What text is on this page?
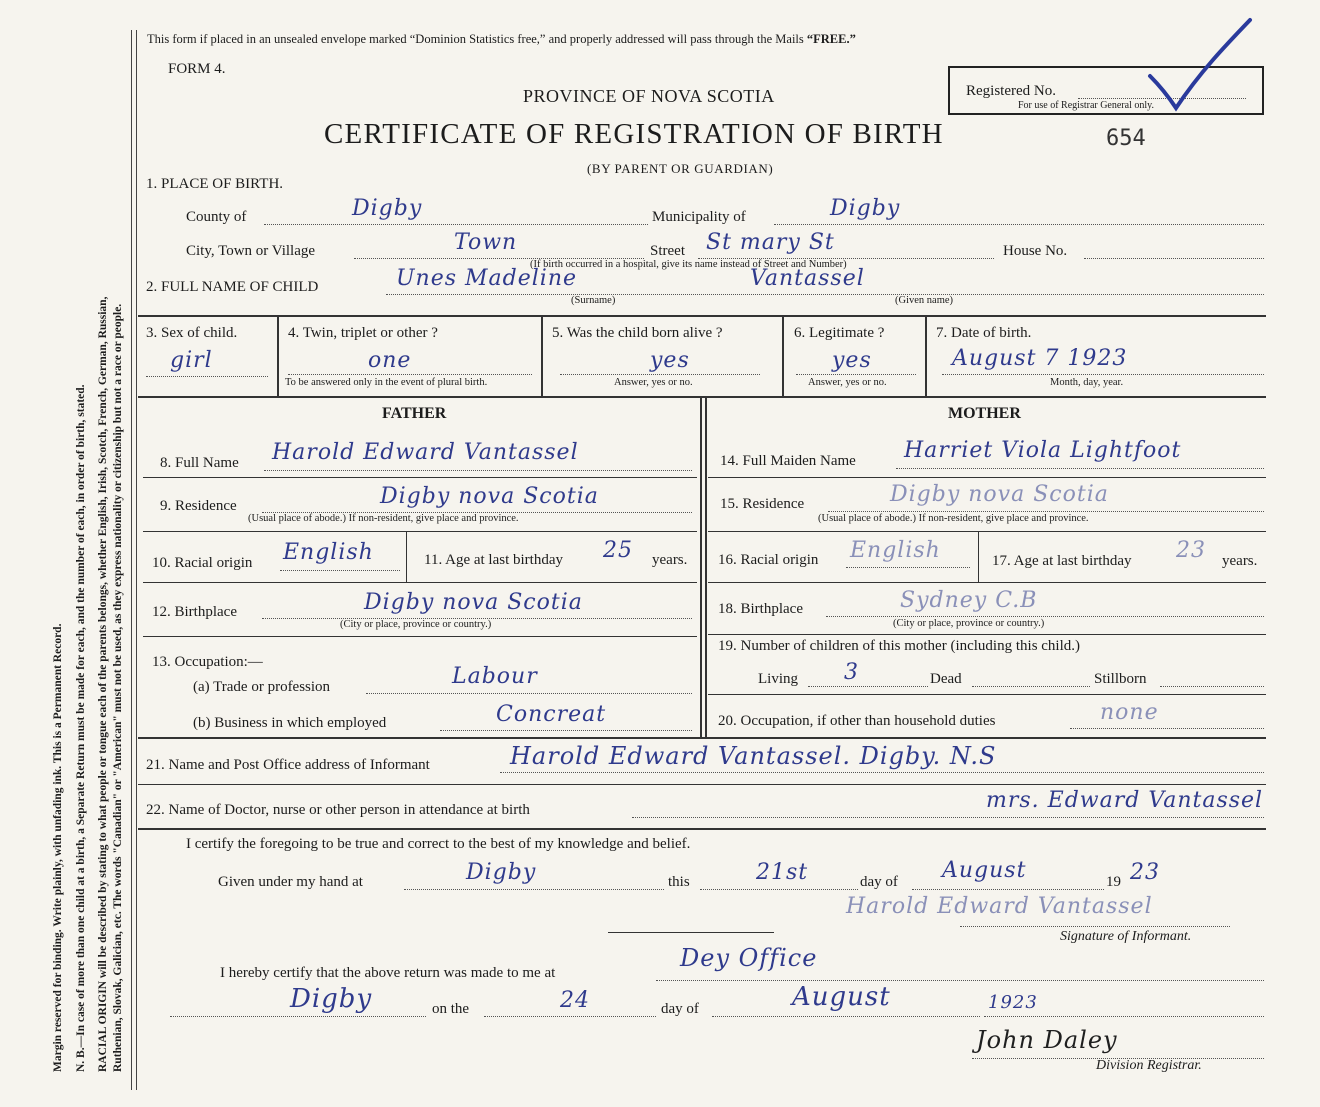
Margin reserved for binding. Write plainly, with unfading ink. This is a Permanent Record. N. B.—In case of more than one child at a birth, a Separate Return must be made for each, and the number of each, in order of birth, stated. RACIAL ORIGIN will be described by stating to what people or tongue each of the parents belongs, whether English, Irish, Scotch, French, German, Russian, Ruthenian, Slovak, Galician, etc. The words "Canadian" or "American" must not be used, as they express nationality or citizenship but not a race or people.
This form if placed in an unsealed envelope marked “Dominion Statistics free,” and properly addressed will pass through the Mails “FREE.”
FORM 4.
PROVINCE OF NOVA SCOTIA	Registered No.
For use of Registrar General only.
CERTIFICATE OF REGISTRATION OF BIRTH	654
(BY PARENT OR GUARDIAN)
1. PLACE OF BIRTH.
County of	Digby	Municipality of	Digby
City, Town or Village	Town	Street St mary St	House No.
(If birth occurred in a hospital, give its name instead of Street and Number)
2. FULL NAME OF CHILD	Unes Madeline	Vantassel
(Surname)	(Given name)
3. Sex of child.
girl
4. Twin, triplet or other ?
one
To be answered only in the event of plural birth.
5. Was the child born alive ?
yes
Answer, yes or no.
6. Legitimate ?
yes
Answer, yes or no.
7. Date of birth.
August 7 1923
Month, day, year.
FATHER	MOTHER
8. Full Name Harold Edward Vantassel
9. Residence	Digby nova Scotia
(Usual place of abode.) If non-resident, give place and province.
10. Racial origin English	11. Age at last birthday 25 years.
12. Birthplace	Digby nova Scotia
(City or place, province or country.)
13. Occupation:—
(a) Trade or profession	Labour
(b) Business in which employed	Concreat
14. Full Maiden Name Harriet Viola Lightfoot
15. Residence	Digby nova Scotia
(Usual place of abode.) If non-resident, give place and province.
16. Racial origin English	17. Age at last birthday 23 years.
18. Birthplace	Sydney C.B
(City or place, province or country.)
19. Number of children of this mother (including this child.)
Living 3	Dead	Stillborn
20. Occupation, if other than household duties	none
21. Name and Post Office address of Informant	Harold Edward Vantassel. Digby. N.S
22. Name of Doctor, nurse or other person in attendance at birth	mrs. Edward Vantassel
I certify the foregoing to be true and correct to the best of my knowledge and belief.
Given under my hand at	Digby	this	21st	day of August	19 23
Harold Edward Vantassel
Signature of Informant.
I hereby certify that the above return was made to me at
Dey Office
Digby	on the	24	day of	August	1923
John Daley
Division Registrar.
